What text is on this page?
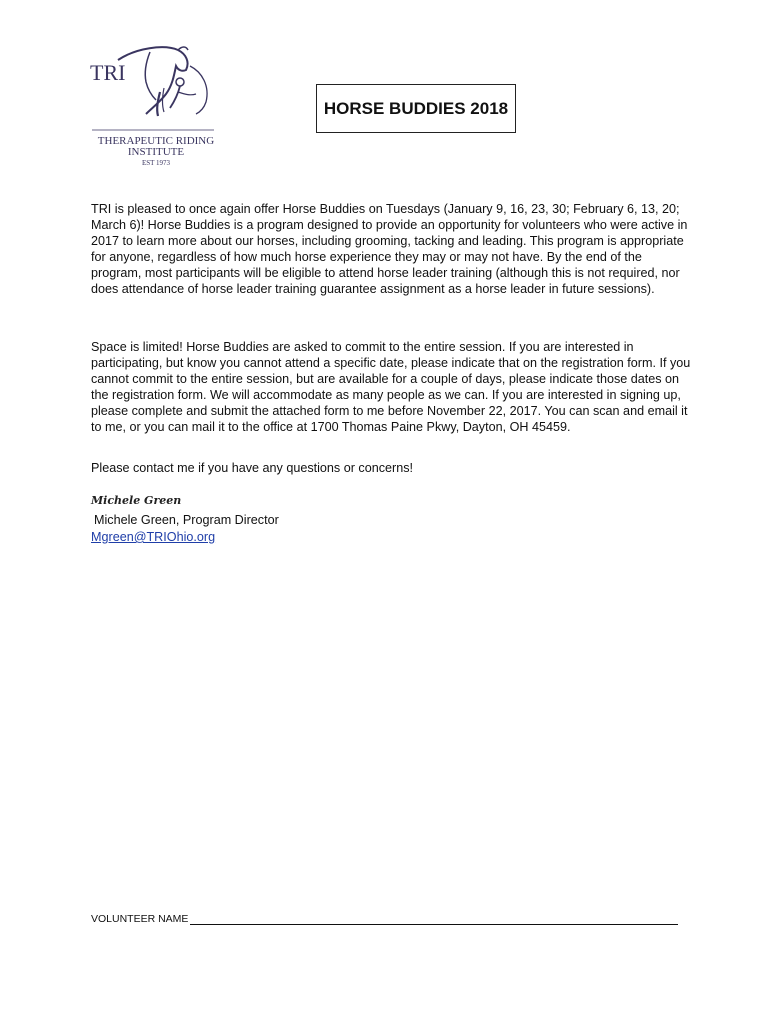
TRI
THERAPEUTIC RIDING
INSTITUTE
EST 1973
HORSE BUDDIES 2018
TRI is pleased to once again offer Horse Buddies on Tuesdays (January 9, 16, 23, 30; February 6, 13, 20; March 6)! Horse Buddies is a program designed to provide an opportunity for volunteers who were active in 2017 to learn more about our horses, including grooming, tacking and leading. This program is appropriate for anyone, regardless of how much horse experience they may or may not have. By the end of the program, most participants will be eligible to attend horse leader training (although this is not required, nor does attendance of horse leader training guarantee assignment as a horse leader in future sessions).
Space is limited! Horse Buddies are asked to commit to the entire session. If you are interested in participating, but know you cannot attend a specific date, please indicate that on the registration form. If you cannot commit to the entire session, but are available for a couple of days, please indicate those dates on the registration form. We will accommodate as many people as we can. If you are interested in signing up, please complete and submit the attached form to me before November 22, 2017. You can scan and email it to me, or you can mail it to the office at 1700 Thomas Paine Pkwy, Dayton, OH 45459.
Please contact me if you have any questions or concerns!
Michele Green
Michele Green, Program Director
Mgreen@TRIOhio.org
VOLUNTEER NAME
